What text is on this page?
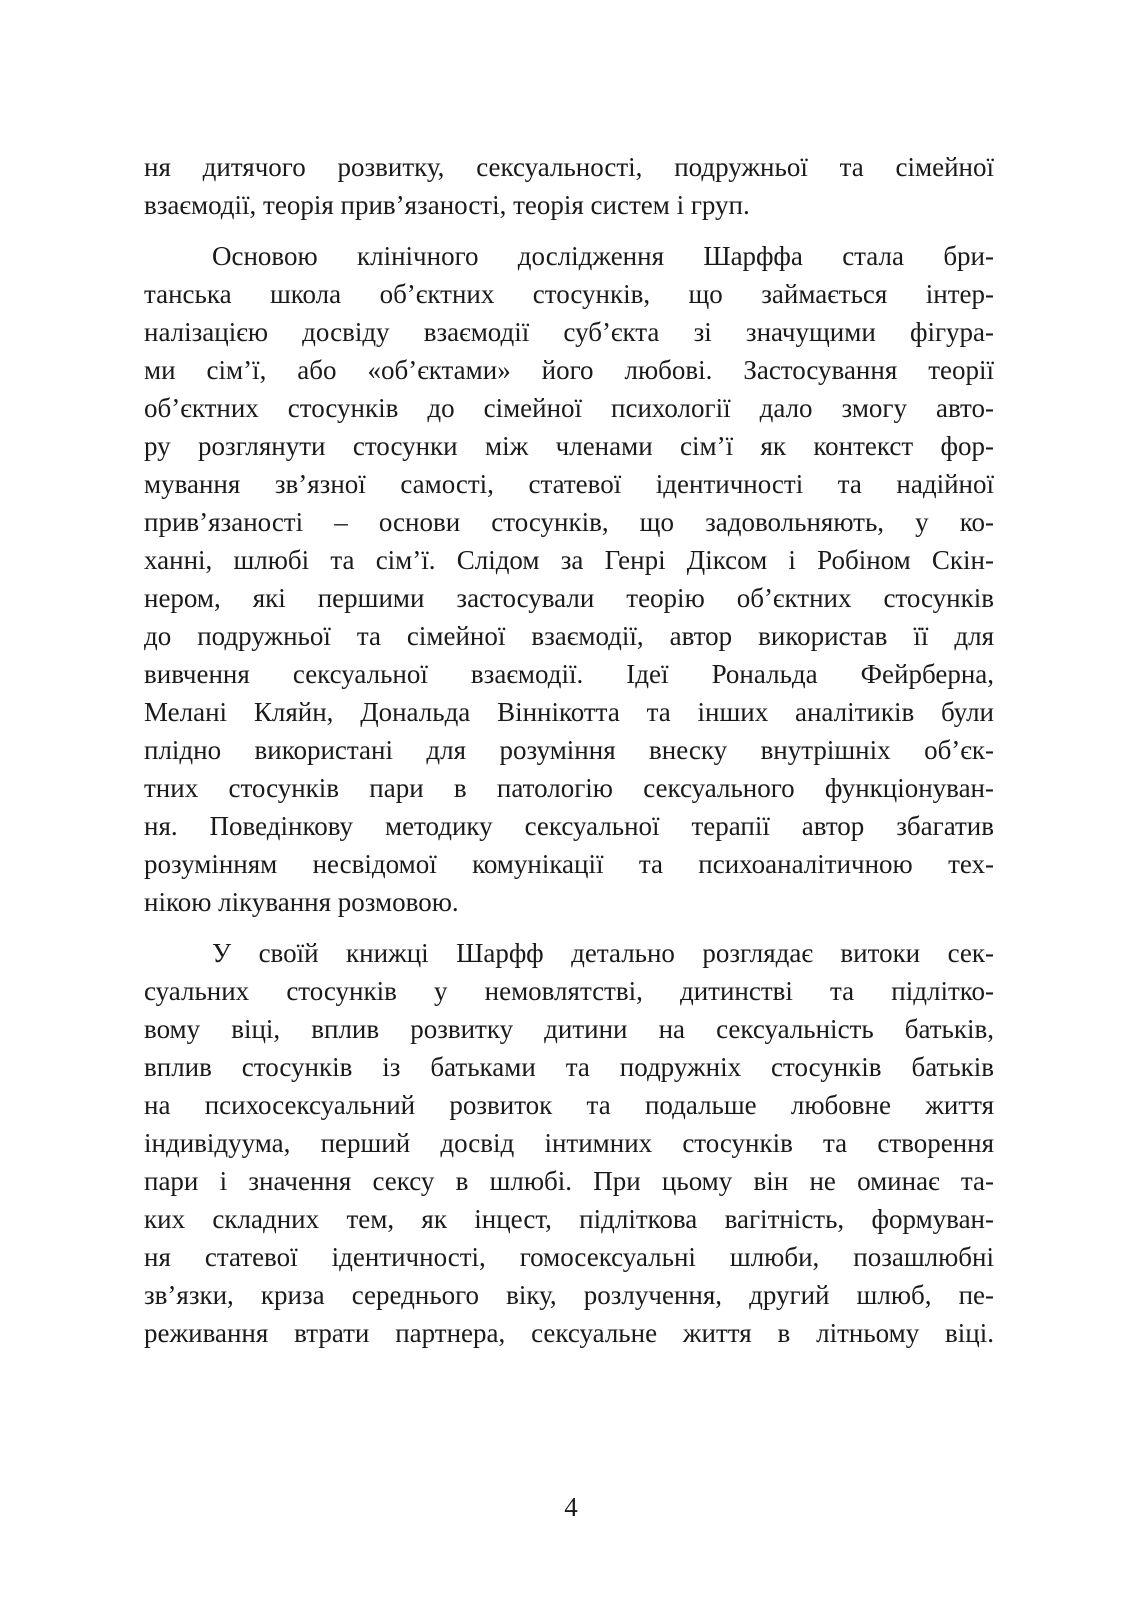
ня дитячого розвитку, сексуальності, подружньої та сімейної
взаємодії, теорія прив’язаності, теорія систем і груп.

Основою клінічного дослідження Шарффа стала бри-
танська школа об’єктних стосунків, що займається інтер-
налізацією досвіду взаємодії суб’єкта зі значущими фігура-
ми сім’ї, або «об’єктами» його любові. Застосування теорії
об’єктних стосунків до сімейної психології дало змогу авто-
ру розглянути стосунки між членами сім’ї як контекст фор-
мування зв’язної самості, статевої ідентичності та надійної
прив’язаності – основи стосунків, що задовольняють, у ко-
ханні, шлюбі та сім’ї. Слідом за Генрі Діксом і Робіном Скін-
нером, які першими застосували теорію об’єктних стосунків
до подружньої та сімейної взаємодії, автор використав її для
вивчення сексуальної взаємодії. Ідеї Рональда Фейрберна,
Мелані Кляйн, Дональда Віннікотта та інших аналітиків були
плідно використані для розуміння внеску внутрішніх об’єк-
тних стосунків пари в патологію сексуального функціонуван-
ня. Поведінкову методику сексуальної терапії автор збагатив
розумінням несвідомої комунікації та психоаналітичною тех-
нікою лікування розмовою.

У своїй книжці Шарфф детально розглядає витоки сек-
суальних стосунків у немовлятстві, дитинстві та підлітко-
вому віці, вплив розвитку дитини на сексуальність батьків,
вплив стосунків із батьками та подружніх стосунків батьків
на психосексуальний розвиток та подальше любовне життя
індивідуума, перший досвід інтимних стосунків та створення
пари і значення сексу в шлюбі. При цьому він не оминає та-
ких складних тем, як інцест, підліткова вагітність, формуван-
ня статевої ідентичності, гомосексуальні шлюби, позашлюбні
зв’язки, криза середнього віку, розлучення, другий шлюб, пе-
реживання втрати партнера, сексуальне життя в літньому віці.

4
